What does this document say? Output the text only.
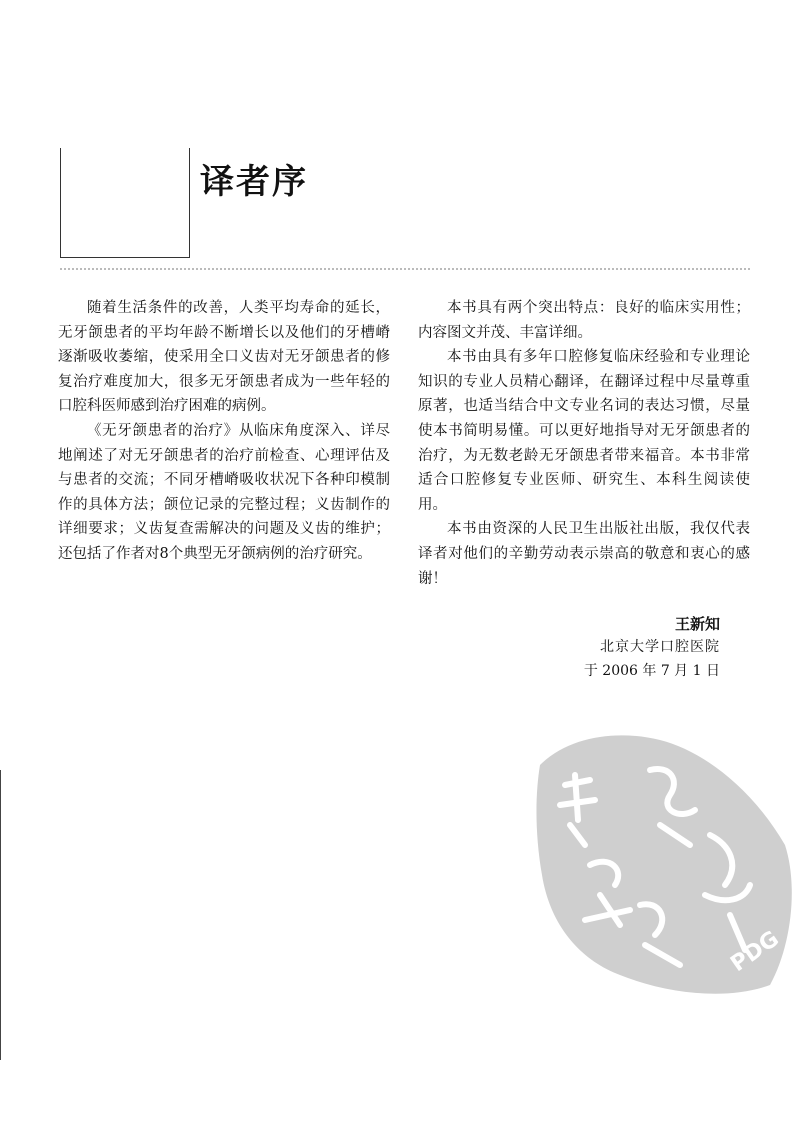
译者序

随着生活条件的改善，人类平均寿命的延长，无牙颌患者的平均年龄不断增长以及他们的牙槽嵴逐渐吸收萎缩，使采用全口义齿对无牙颌患者的修复治疗难度加大，很多无牙颌患者成为一些年轻的口腔科医师感到治疗困难的病例。

《无牙颌患者的治疗》从临床角度深入、详尽地阐述了对无牙颌患者的治疗前检查、心理评估及与患者的交流；不同牙槽嵴吸收状况下各种印模制作的具体方法；颌位记录的完整过程；义齿制作的详细要求；义齿复查需解决的问题及义齿的维护；还包括了作者对8个典型无牙颌病例的治疗研究。

本书具有两个突出特点：良好的临床实用性；内容图文并茂、丰富详细。

本书由具有多年口腔修复临床经验和专业理论知识的专业人员精心翻译，在翻译过程中尽量尊重原著，也适当结合中文专业名词的表达习惯，尽量使本书简明易懂。可以更好地指导对无牙颌患者的治疗，为无数老龄无牙颌患者带来福音。本书非常适合口腔修复专业医师、研究生、本科生阅读使用。

本书由资深的人民卫生出版社出版，我仅代表译者对他们的辛勤劳动表示崇高的敬意和衷心的感谢！

王新知
北京大学口腔医院
于 2006 年 7 月 1 日
PDG
